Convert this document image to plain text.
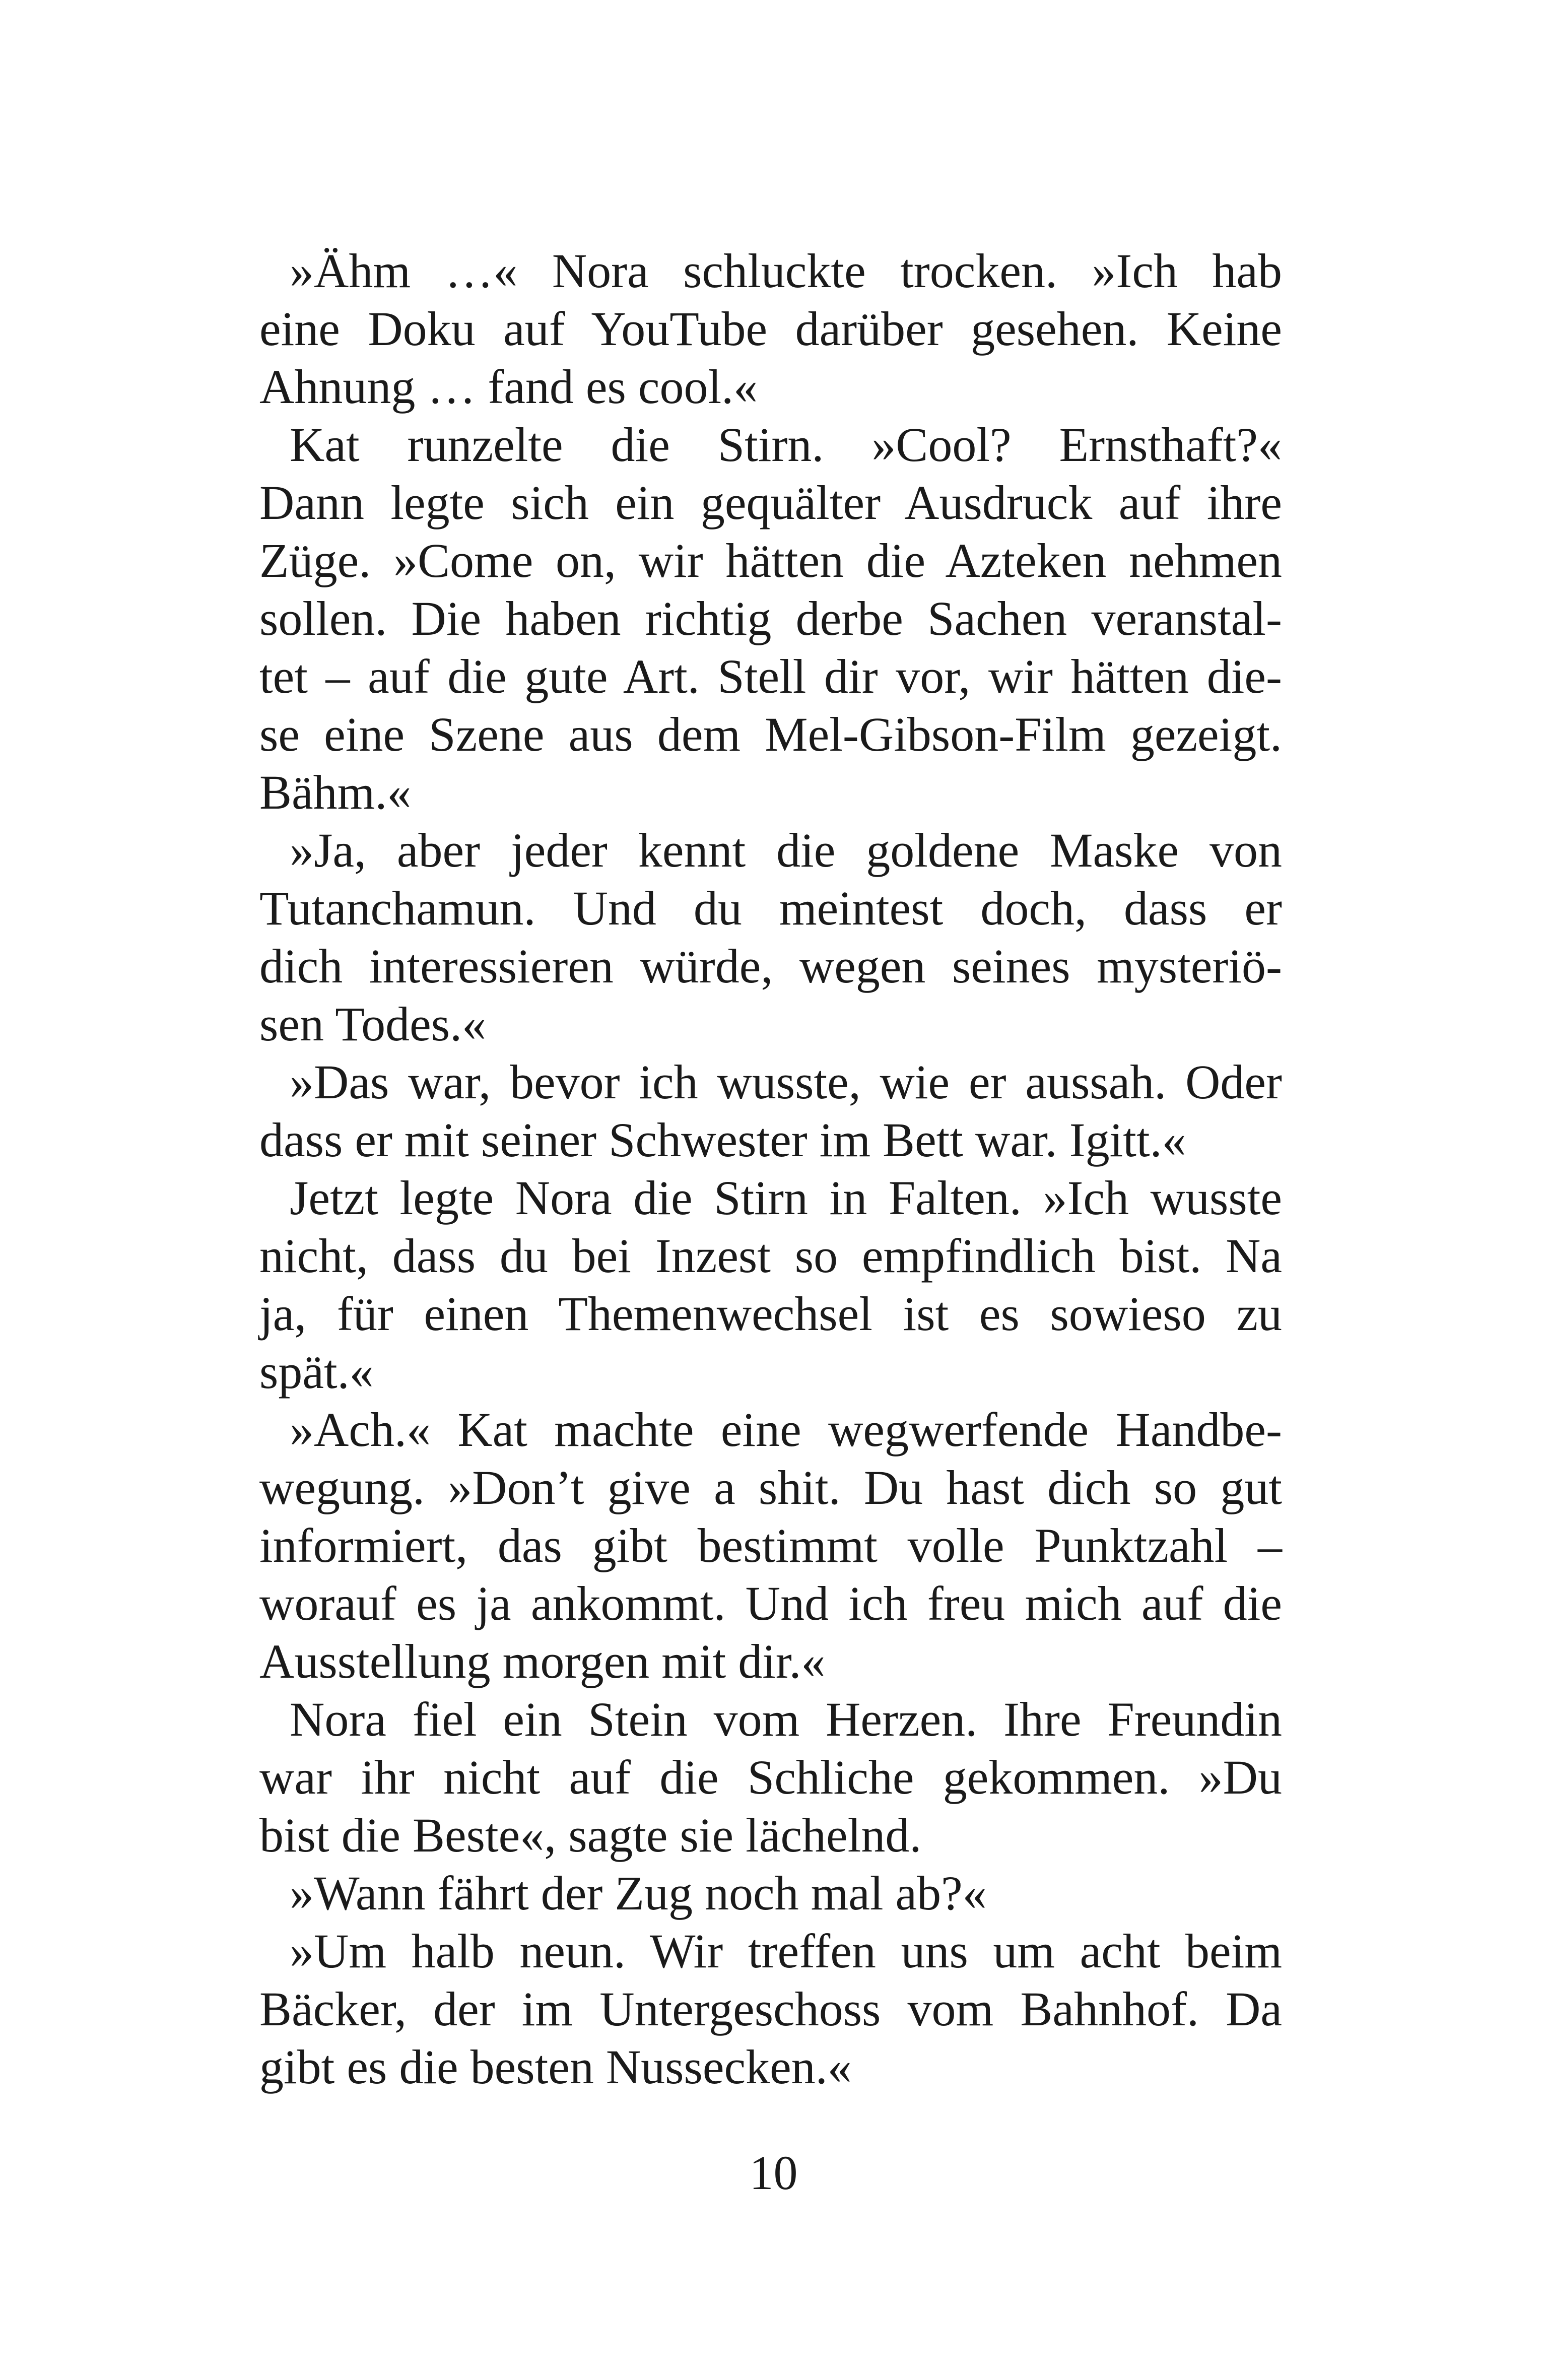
»Ähm …« Nora schluckte trocken. »Ich hab
eine Doku auf YouTube darüber gesehen. Keine
Ahnung … fand es cool.«
Kat runzelte die Stirn. »Cool? Ernsthaft?«
Dann legte sich ein gequälter Ausdruck auf ihre
Züge. »Come on, wir hätten die Azteken nehmen
sollen. Die haben richtig derbe Sachen veranstal-
tet – auf die gute Art. Stell dir vor, wir hätten die-
se eine Szene aus dem Mel-Gibson-Film gezeigt.
Bähm.«
»Ja, aber jeder kennt die goldene Maske von
Tutanchamun. Und du meintest doch, dass er
dich interessieren würde, wegen seines mysteriö-
sen Todes.«
»Das war, bevor ich wusste, wie er aussah. Oder
dass er mit seiner Schwester im Bett war. Igitt.«
Jetzt legte Nora die Stirn in Falten. »Ich wusste
nicht, dass du bei Inzest so empfindlich bist. Na
ja, für einen Themenwechsel ist es sowieso zu
spät.«
»Ach.« Kat machte eine wegwerfende Handbe-
wegung. »Don’t give a shit. Du hast dich so gut
informiert, das gibt bestimmt volle Punktzahl –
worauf es ja ankommt. Und ich freu mich auf die
Ausstellung morgen mit dir.«
Nora fiel ein Stein vom Herzen. Ihre Freundin
war ihr nicht auf die Schliche gekommen. »Du
bist die Beste«, sagte sie lächelnd.
»Wann fährt der Zug noch mal ab?«
»Um halb neun. Wir treffen uns um acht beim
Bäcker, der im Untergeschoss vom Bahnhof. Da
gibt es die besten Nussecken.«
10
